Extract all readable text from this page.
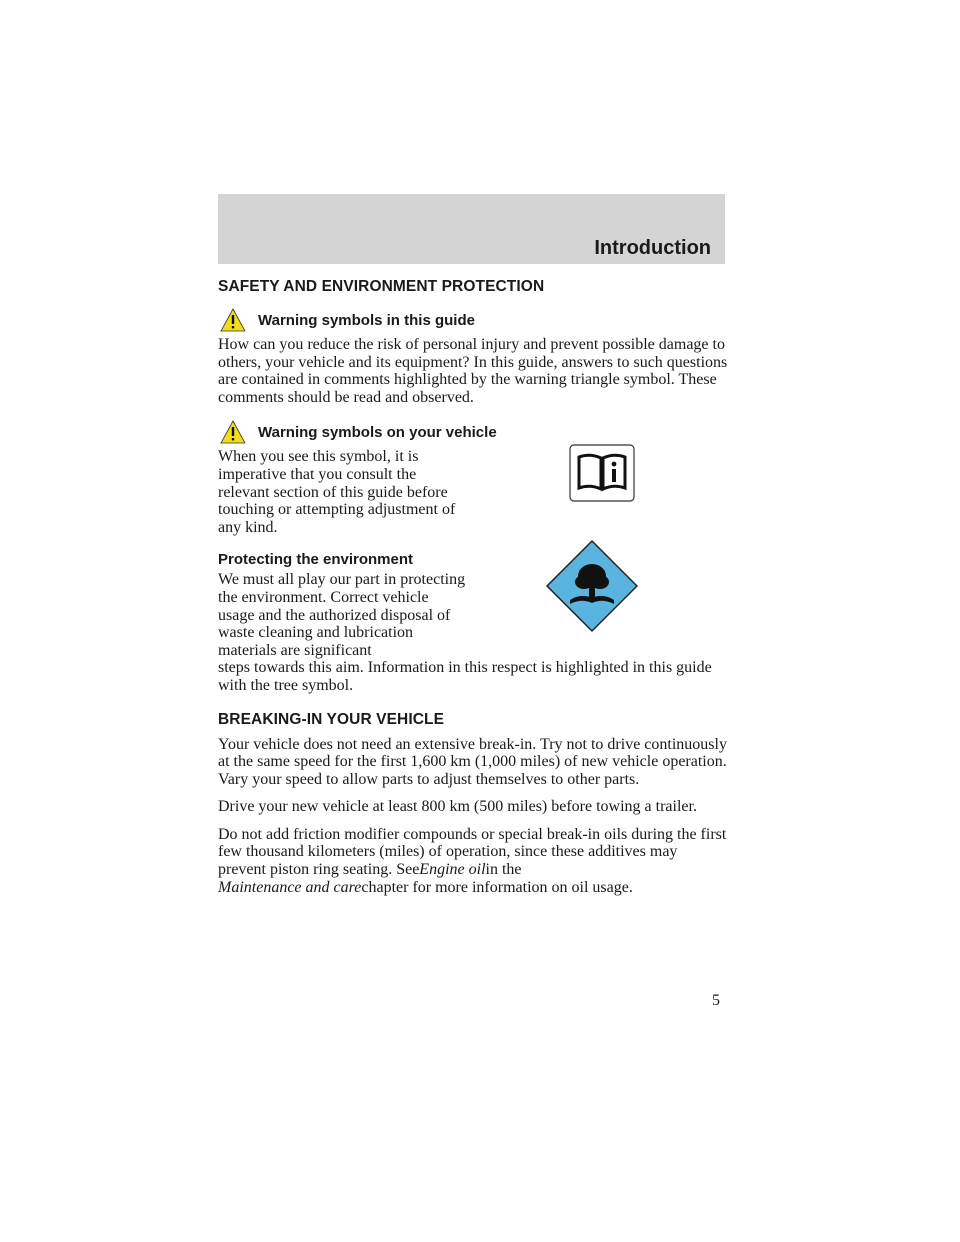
Introduction
SAFETY AND ENVIRONMENT PROTECTION
Warning symbols in this guide

How can you reduce the risk of personal injury and prevent possible damage to others, your vehicle and its equipment? In this guide, answers to such questions are contained in comments highlighted by the warning triangle symbol. These comments should be read and observed.

Warning symbols on your vehicle

When you see this symbol, it is imperative that you consult the relevant section of this guide before touching or attempting adjustment of any kind.

Protecting the environment

We must all play our part in protecting the environment. Correct vehicle usage and the authorized disposal of waste cleaning and lubrication materials are significant

steps towards this aim. Information in this respect is highlighted in this guide with the tree symbol.

BREAKING-IN YOUR VEHICLE

Your vehicle does not need an extensive break-in. Try not to drive continuously at the same speed for the first 1,600 km (1,000 miles) of new vehicle operation. Vary your speed to allow parts to adjust themselves to other parts.

Drive your new vehicle at least 800 km (500 miles) before towing a trailer.

Do not add friction modifier compounds or special break-in oils during the first few thousand kilometers (miles) of operation, since these additives may prevent piston ring seating. SeeEngine oilin the
Maintenance and carechapter for more information on oil usage.

5
